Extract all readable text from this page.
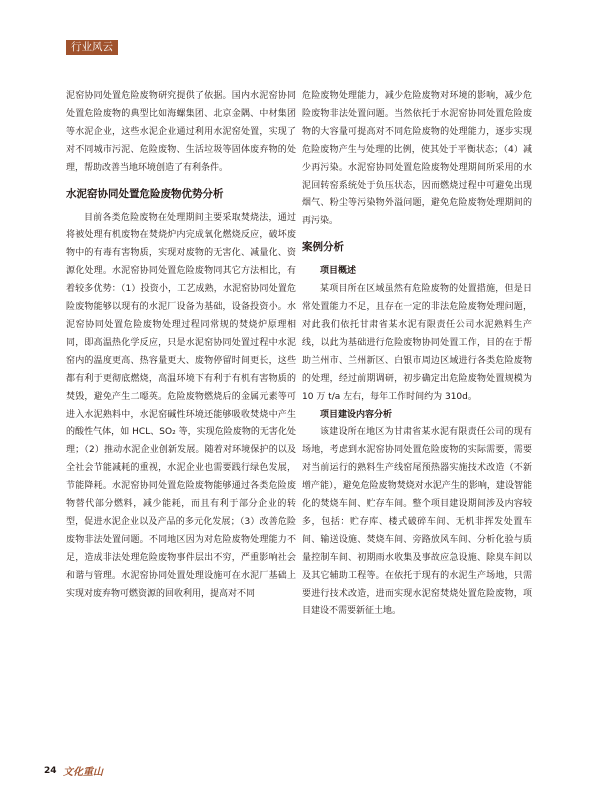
行业风云

泥窑协同处置危险废物研究提供了依据。国内水泥窑协同处置危险废物的典型比如海螺集团、北京金隅、中材集团等水泥企业，这些水泥企业通过利用水泥窑处置，实现了对不同城市污泥、危险废物、生活垃圾等固体废弃物的处理，帮助改善当地环境创造了有利条件。

水泥窑协同处置危险废物优势分析

目前各类危险废物在处理期间主要采取焚烧法，通过将被处理有机废物在焚烧炉内完成氧化燃烧反应，破坏废物中的有毒有害物质，实现对废物的无害化、减量化、资源化处理。水泥窑协同处置危险废物同其它方法相比，有着较多优势：（1）投资小，工艺成熟，水泥窑协同处置危险废物能够以现有的水泥厂设备为基础，设备投资小。水泥窑协同处置危险废物处理过程同常规的焚烧炉原理相同，即高温热化学反应，只是水泥窑协同处置过程中水泥窑内的温度更高、热容量更大、废物停留时间更长，这些都有利于更彻底燃烧，高温环境下有利于有机有害物质的焚毁，避免产生二噁英。危险废物燃烧后的金属元素等可进入水泥熟料中，水泥窑碱性环境还能够吸收焚烧中产生的酸性气体，如 HCL、SO₂ 等，实现危险废物的无害化处理；（2）推动水泥企业创新发展。随着对环境保护的以及全社会节能减耗的重视，水泥企业也需要践行绿色发展，节能降耗。水泥窑协同处置危险废物能够通过各类危险废物替代部分燃料，减少能耗，而且有利于部分企业的转型，促进水泥企业以及产品的多元化发展；（3）改善危险废物非法处置问题。不同地区因为对危险废物处理能力不足，造成非法处理危险废物事件层出不穷，严重影响社会和谐与管理。水泥窑协同处置处理设施可在水泥厂基础上实现对废弃物可燃资源的回收利用，提高对不同

危险废物处理能力，减少危险废物对环境的影响，减少危险废物非法处置问题。当然依托于水泥窑协同处置危险废物的大容量可提高对不同危险废物的处理能力，逐步实现危险废物产生与处理的比例，使其处于平衡状态；（4）减少再污染。水泥窑协同处置危险废物处理期间所采用的水泥回转窑系统处于负压状态，因而燃烧过程中可避免出现烟气、粉尘等污染物外溢问题，避免危险废物处理期间的再污染。

案例分析
项目概述

某项目所在区域虽然有危险废物的处置措施，但是日常处置能力不足，且存在一定的非法危险废物处理问题，对此我们依托甘肃省某水泥有限责任公司水泥熟料生产线，以此为基础进行危险废物协同处置工作，目的在于帮助兰州市、兰州新区、白银市周边区域进行各类危险废物的处理，经过前期调研，初步确定出危险废物处置规模为 10 万 t/a 左右，每年工作时间约为 310d。

项目建设内容分析

该建设所在地区为甘肃省某水泥有限责任公司的现有场地，考虑到水泥窑协同处置危险废物的实际需要，需要对当前运行的熟料生产线窑尾预热器实施技术改造（不新增产能），避免危险废物焚烧对水泥产生的影响，建设智能化的焚烧车间、贮存车间。整个项目建设期间涉及内容较多，包括：贮存库、楼式破碎车间、无机非挥发处置车间、输送设施、焚烧车间、旁路放风车间、分析化验与质量控制车间、初期雨水收集及事故应急设施、除臭车间以及其它辅助工程等。在依托于现有的水泥生产场地，只需要进行技术改造，进而实现水泥窑焚烧处置危险废物，项目建设不需要新征土地。

24 文化重山
